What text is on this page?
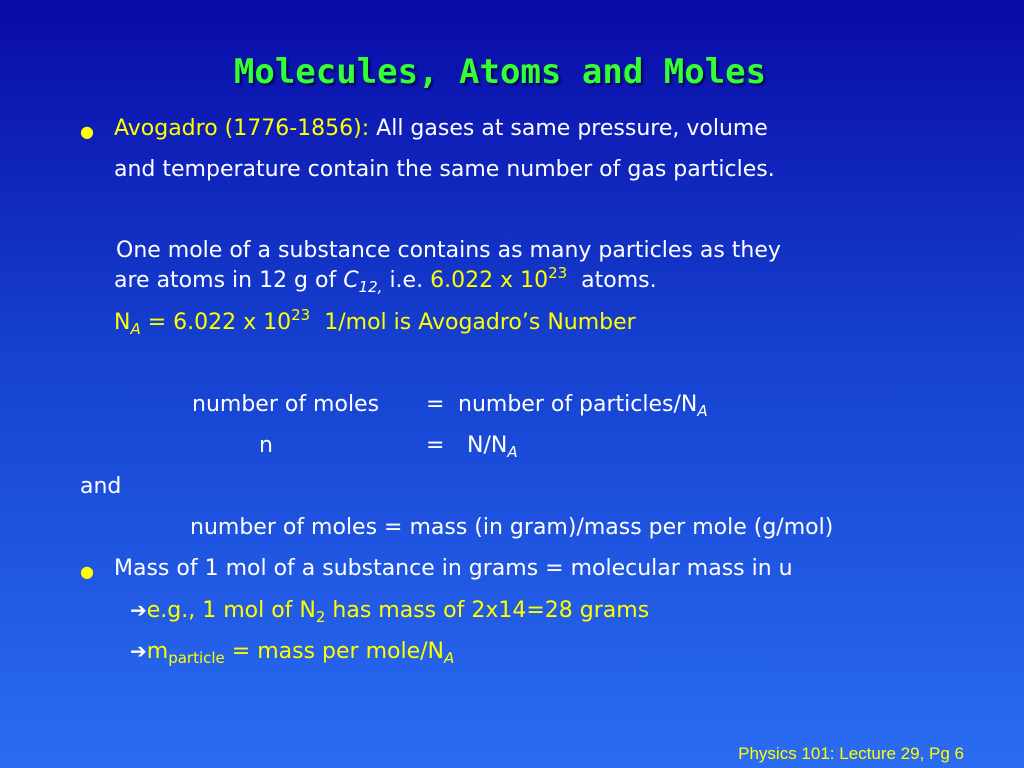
Molecules, Atoms and Moles
● Avogadro (1776-1856): All gases at same pressure, volume
and temperature contain the same number of gas particles.
One mole of a substance contains as many particles as they
are atoms in 12 g of $C_{12,}$ i.e. 6.022 x $10^{23}$ atoms.
$N_A = 6.022$ x $10^{23}$ 1/mol is Avogadro’s Number
number of moles = number of particles/$N_A$
n	= $N/N_A$
and
number of moles = mass (in gram)/mass per mole (g/mol)
● Mass of 1 mol of a substance in grams = molecular mass in u
➔e.g., 1 mol of $N_2$ has mass of 2x14=28 grams
$➔m_{particle}$ = mass per mole/$N_A$
Physics 101: Lecture 29, Pg 6
